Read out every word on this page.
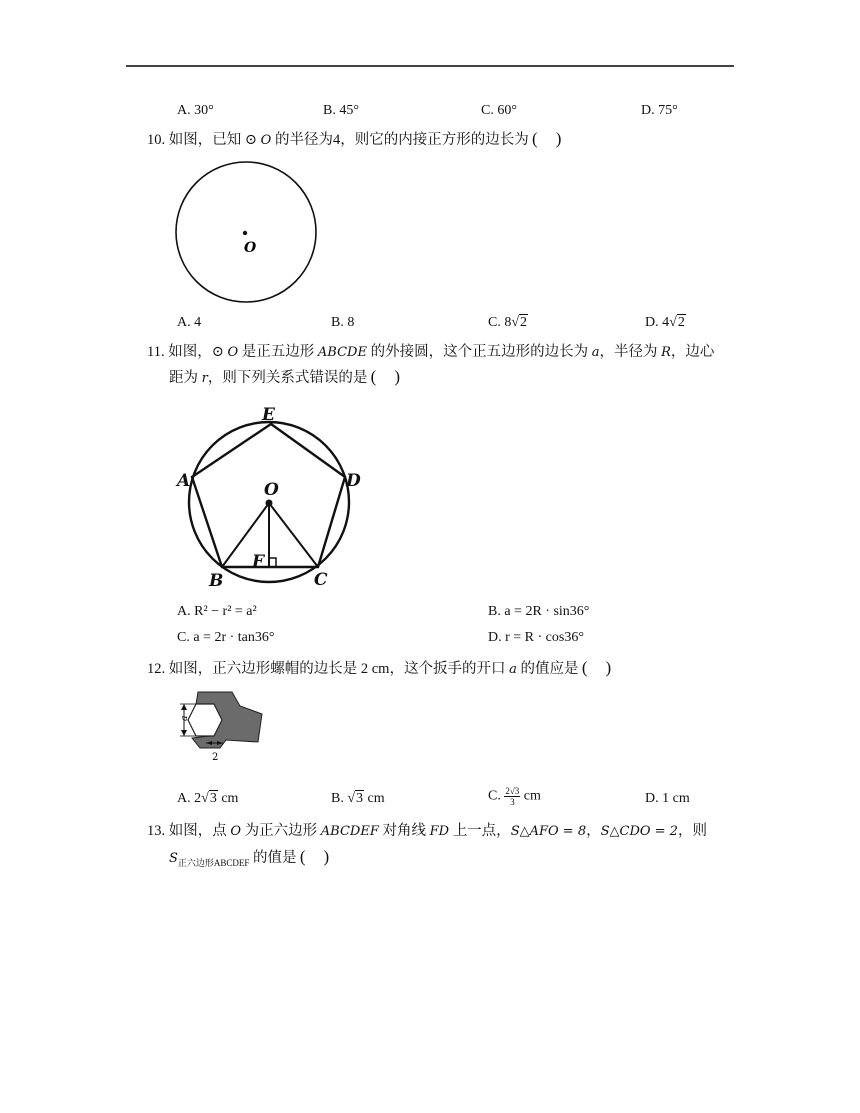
A. 30°	B. 45°	C. 60°	D. 75°
10. 如图，已知 ⊙ O 的半径为4，则它的内接正方形的边长为 ( )
O
A. 4	B. 8	C. 8√2	D. 4√2
11. 如图，⊙ O 是正五边形 ABCDE 的外接圆，这个正五边形的边长为 a，半径为 R，边心
距为 r，则下列关系式错误的是 ( )
E
A	D
O
B
F
C
A. R² − r² = a²	B. a = 2R · sin36°
C. a = 2r · tan36°	D. r = R · cos36°
12. 如图，正六边形螺帽的边长是 2 cm，这个扳手的开口 a 的值应是 ( )
a
2
A. 2√3 cm	B. √3 cm	C. $\frac{2√3}{3}$ cm	D. 1 cm
13. 如图，点 O 为正六边形 ABCDEF 对角线 FD 上一点，S△AFO = 8，S△CDO = 2，则
$S_{正六边形ABCDEF}$ 的值是 ( )
